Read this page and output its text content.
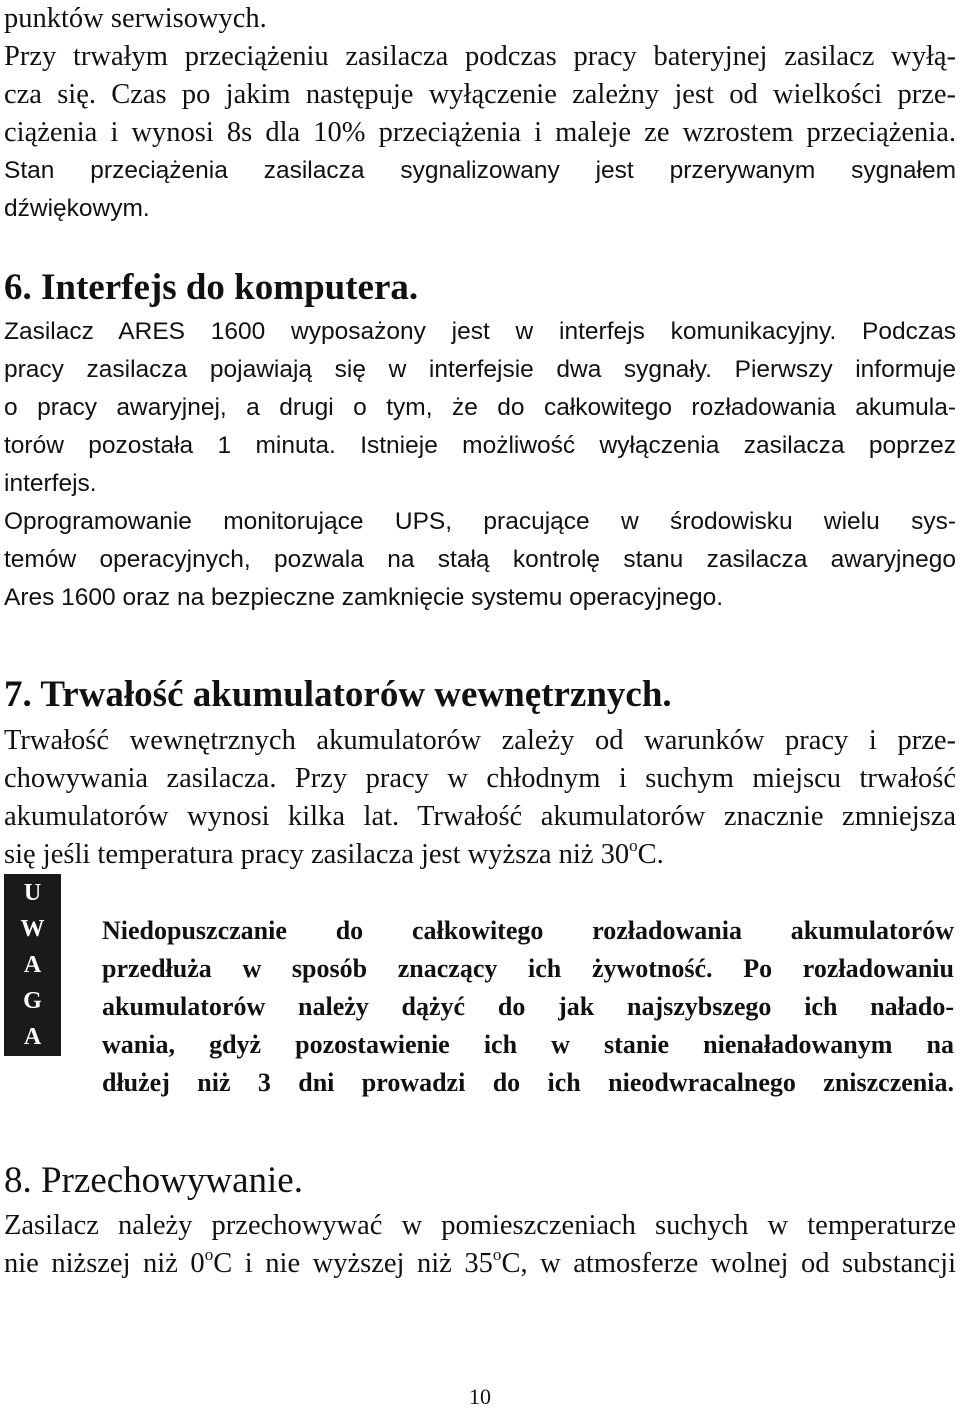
punktów serwisowych.
Przy trwałym przeciążeniu zasilacza podczas pracy bateryjnej zasilacz wyłą-
cza się. Czas po jakim następuje wyłączenie zależny jest od wielkości prze-
ciążenia i wynosi 8s dla 10% przeciążenia i maleje ze wzrostem przeciążenia.
Stan przeciążenia zasilacza sygnalizowany jest przerywanym sygnałem
dźwiękowym.
6. Interfejs do komputera.
Zasilacz ARES 1600 wyposażony jest w interfejs komunikacyjny. Podczas
pracy zasilacza pojawiają się w interfejsie dwa sygnały. Pierwszy informuje
o pracy awaryjnej, a drugi o tym, że do całkowitego rozładowania akumula-
torów pozostała 1 minuta. Istnieje możliwość wyłączenia zasilacza poprzez
interfejs.
Oprogramowanie monitorujące UPS, pracujące w środowisku wielu sys-
temów operacyjnych, pozwala na stałą kontrolę stanu zasilacza awaryjnego
Ares 1600 oraz na bezpieczne zamknięcie systemu operacyjnego.
7. Trwałość akumulatorów wewnętrznych.
Trwałość wewnętrznych akumulatorów zależy od warunków pracy i prze-
chowywania zasilacza. Przy pracy w chłodnym i suchym miejscu trwałość
akumulatorów wynosi kilka lat. Trwałość akumulatorów znacznie zmniejsza
się jeśli temperatura pracy zasilacza jest wyższa niż 30$^o$C.
U
W
A
G
A
Niedopuszczanie do całkowitego rozładowania akumulatorów
przedłuża w sposób znaczący ich żywotność. Po rozładowaniu
akumulatorów należy dążyć do jak najszybszego ich nałado-
wania, gdyż pozostawienie ich w stanie nienaładowanym na
dłużej niż 3 dni prowadzi do ich nieodwracalnego zniszczenia.
8. Przechowywanie.
Zasilacz należy przechowywać w pomieszczeniach suchych w temperaturze
nie niższej niż 0$^o$C i nie wyższej niż 35$^o$C, w atmosferze wolnej od substancji
10
